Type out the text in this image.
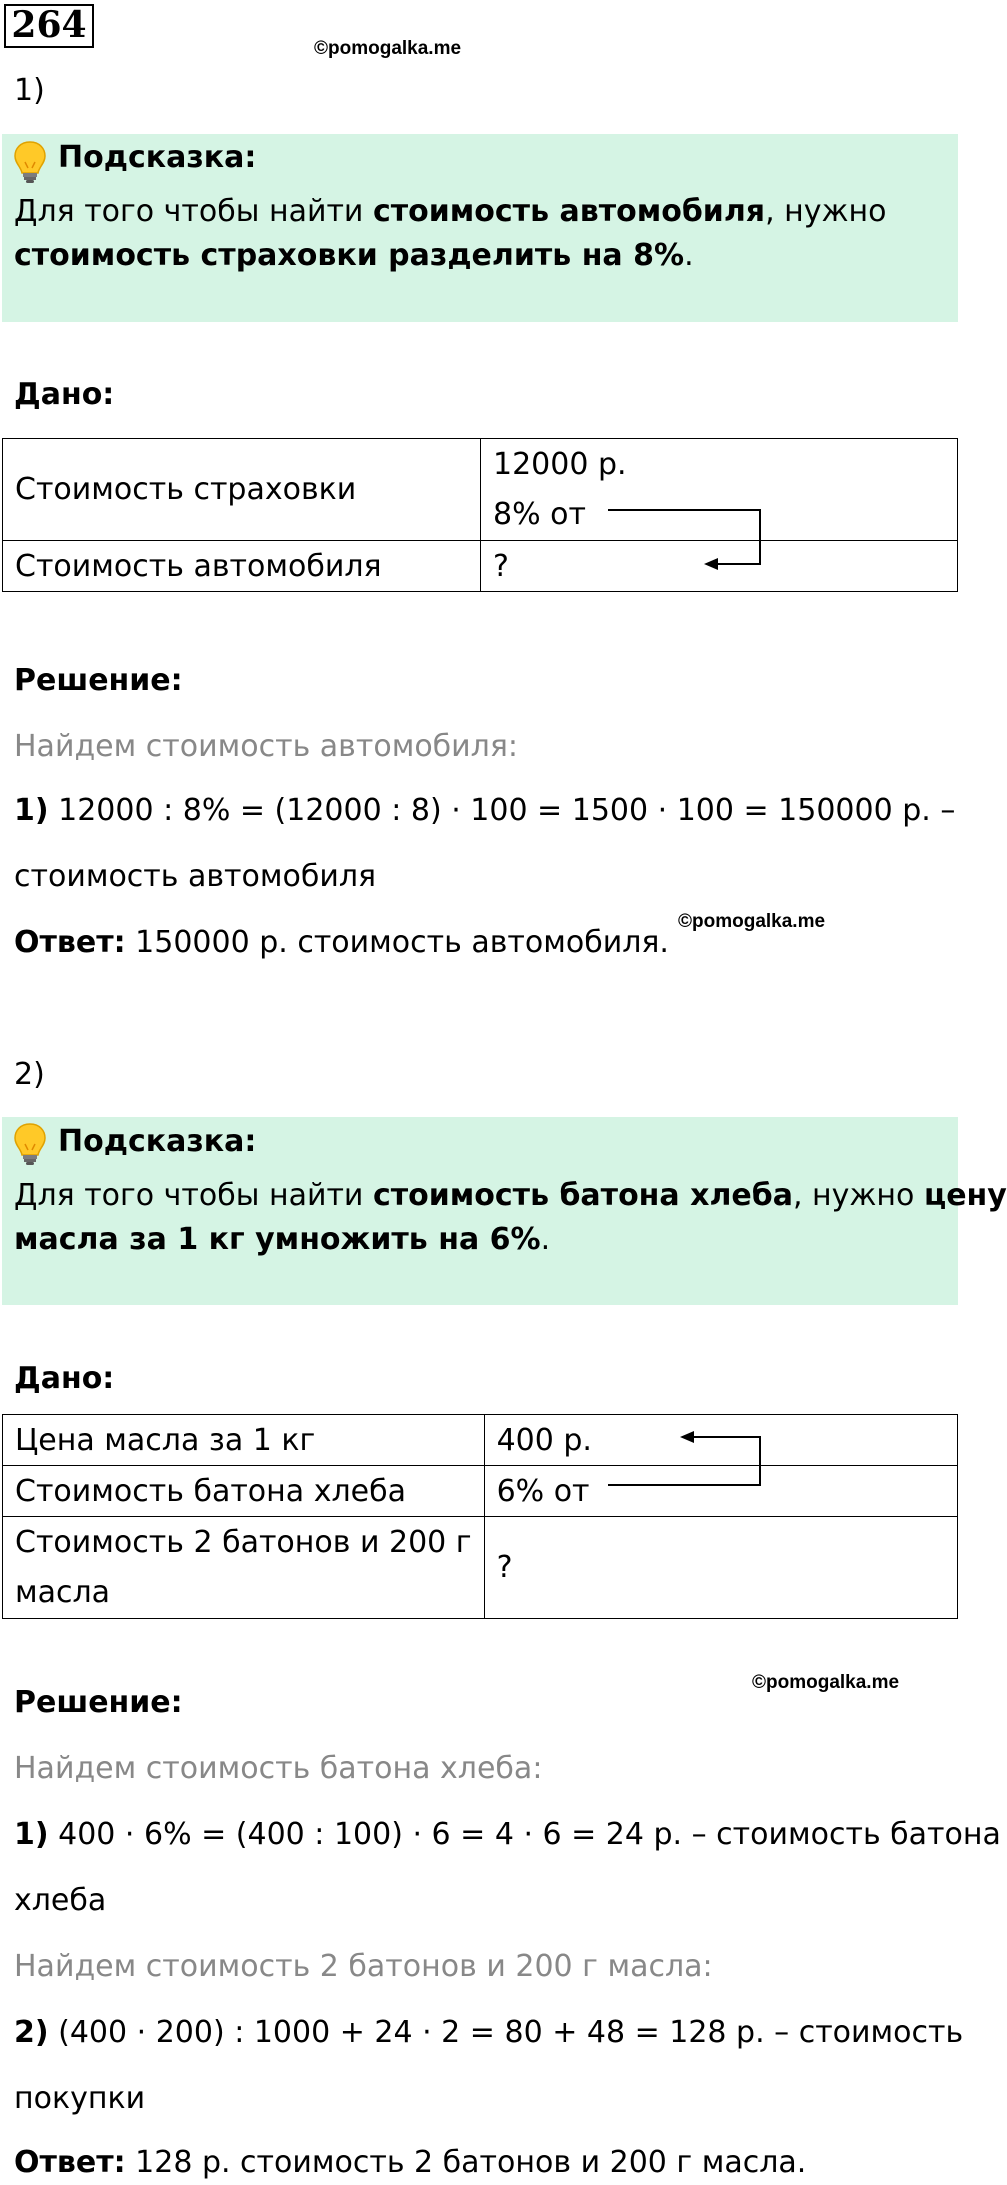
264
©pomogalka.me
1)
Подсказка:
Для того чтобы найти стоимость автомобиля, нужно
стоимость страховки разделить на 8%.
Дано:
Стоимость страховки	12000 р.
8% от

Стоимость автомобиля	?
Решение:
Найдем стоимость автомобиля:
1) 12000 : 8% = (12000 : 8) · 100 = 1500 · 100 = 150000 р. –
стоимость автомобиля
©pomogalka.me
Ответ: 150000 р. стоимость автомобиля.
2)
Подсказка:
Для того чтобы найти стоимость батона хлеба, нужно цену
масла за 1 кг умножить на 6%.
Дано:
Цена масла за 1 кг	400 р.
Стоимость батона хлеба	6% от

Стоимость 2 батонов и 200 г
масла	?
©pomogalka.me
Решение:
Найдем стоимость батона хлеба:
1) 400 · 6% = (400 : 100) · 6 = 4 · 6 = 24 р. – стоимость батона
хлеба
Найдем стоимость 2 батонов и 200 г масла:
2) (400 · 200) : 1000 + 24 · 2 = 80 + 48 = 128 р. – стоимость
покупки
Ответ: 128 р. стоимость 2 батонов и 200 г масла.
